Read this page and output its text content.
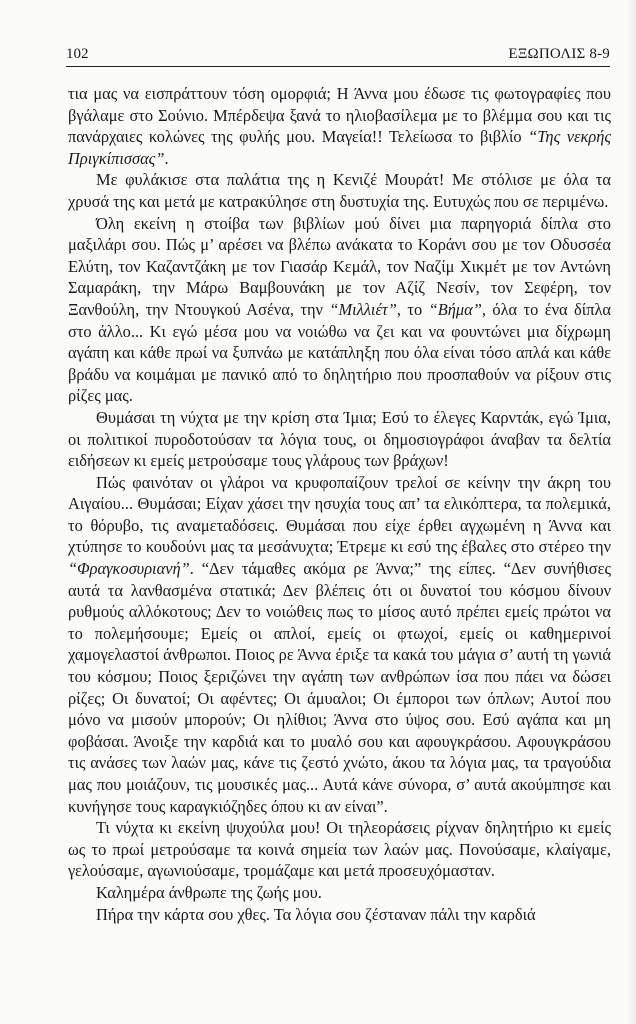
102	ΕΞΩΠΟΛΙΣ 8-9

τια μας να εισπράττουν τόση ομορφιά; Η Άννα μου έδωσε τις φωτογραφίες που βγάλαμε στο Σούνιο. Μπέρδεψα ξανά το ηλιοβασίλεμα με το βλέμμα σου και τις πανάρχαιες κολώνες της φυλής μου. Μαγεία!! Τελείωσα το βιβλίο “Της νεκρής Πριγκίπισσας”.

Με φυλάκισε στα παλάτια της η Κενιζέ Μουράτ! Με στόλισε με όλα τα χρυσά της και μετά με κατρακύλησε στη δυστυχία της. Ευτυχώς που σε περιμένω.

Όλη εκείνη η στοίβα των βιβλίων μού δίνει μια παρηγοριά δίπλα στο μαξιλάρι σου. Πώς μ’ αρέσει να βλέπω ανάκατα το Κοράνι σου με τον Οδυσσέα Ελύτη, τον Καζαντζάκη με τον Γιασάρ Κεμάλ, τον Ναζίμ Χικμέτ με τον Αντώνη Σαμαράκη, την Μάρω Βαμβουνάκη με τον Αζίζ Νεσίν, τον Σεφέρη, τον Ξανθούλη, την Ντουγκού Ασένα, την “Μιλλιέτ”, το “Βήμα”, όλα το ένα δίπλα στο άλλο... Κι εγώ μέσα μου να νοιώθω να ζει και να φουντώνει μια δίχρωμη αγάπη και κάθε πρωί να ξυπνάω με κατάπληξη που όλα είναι τόσο απλά και κάθε βράδυ να κοιμάμαι με πανικό από το δηλητήριο που προσπαθούν να ρίξουν στις ρίζες μας.

Θυμάσαι τη νύχτα με την κρίση στα Ίμια; Εσύ το έλεγες Καρντάκ, εγώ Ίμια, οι πολιτικοί πυροδοτούσαν τα λόγια τους, οι δημοσιογράφοι άναβαν τα δελτία ειδήσεων κι εμείς μετρούσαμε τους γλάρους των βράχων!

Πώς φαινόταν οι γλάροι να κρυφοπαίζουν τρελοί σε κείνην την άκρη του Αιγαίου... Θυμάσαι; Είχαν χάσει την ησυχία τους απ’ τα ελικόπτερα, τα πολεμικά, το θόρυβο, τις αναμεταδόσεις. Θυμάσαι που είχε έρθει αγχωμένη η Άννα και χτύπησε το κουδούνι μας τα μεσάνυχτα; Έτρεμε κι εσύ της έβαλες στο στέρεο την “Φραγκοσυριανή”. “Δεν τάμαθες ακόμα ρε Άννα;” της είπες. “Δεν συνήθισες αυτά τα λανθασμένα στατικά; Δεν βλέπεις ότι οι δυνατοί του κόσμου δίνουν ρυθμούς αλλόκοτους; Δεν το νοιώθεις πως το μίσος αυτό πρέπει εμείς πρώτοι να το πολεμήσουμε; Εμείς οι απλοί, εμείς οι φτωχοί, εμείς οι καθημερινοί χαμογελαστοί άνθρωποι. Ποιος ρε Άννα έριξε τα κακά του μάγια σ’ αυτή τη γωνιά του κόσμου; Ποιος ξεριζώνει την αγάπη των ανθρώπων ίσα που πάει να δώσει ρίζες; Οι δυνατοί; Οι αφέντες; Οι άμυαλοι; Οι έμποροι των όπλων; Αυτοί που μόνο να μισούν μπορούν; Οι ηλίθιοι; Άννα στο ύψος σου. Εσύ αγάπα και μη φοβάσαι. Άνοιξε την καρδιά και το μυαλό σου και αφουγκράσου. Αφουγκράσου τις ανάσες των λαών μας, κάνε τις ζεστό χνώτο, άκου τα λόγια μας, τα τραγούδια μας που μοιάζουν, τις μουσικές μας... Αυτά κάνε σύνορα, σ’ αυτά ακούμπησε και κυνήγησε τους καραγκιόζηδες όπου κι αν είναι”.

Τι νύχτα κι εκείνη ψυχούλα μου! Οι τηλεοράσεις ρίχναν δηλητήριο κι εμείς ως το πρωί μετρούσαμε τα κοινά σημεία των λαών μας. Πονούσαμε, κλαίγαμε, γελούσαμε, αγωνιούσαμε, τρομάζαμε και μετά προσευχόμασταν.

Καλημέρα άνθρωπε της ζωής μου.

Πήρα την κάρτα σου χθες. Τα λόγια σου ζέσταναν πάλι την καρδιά
